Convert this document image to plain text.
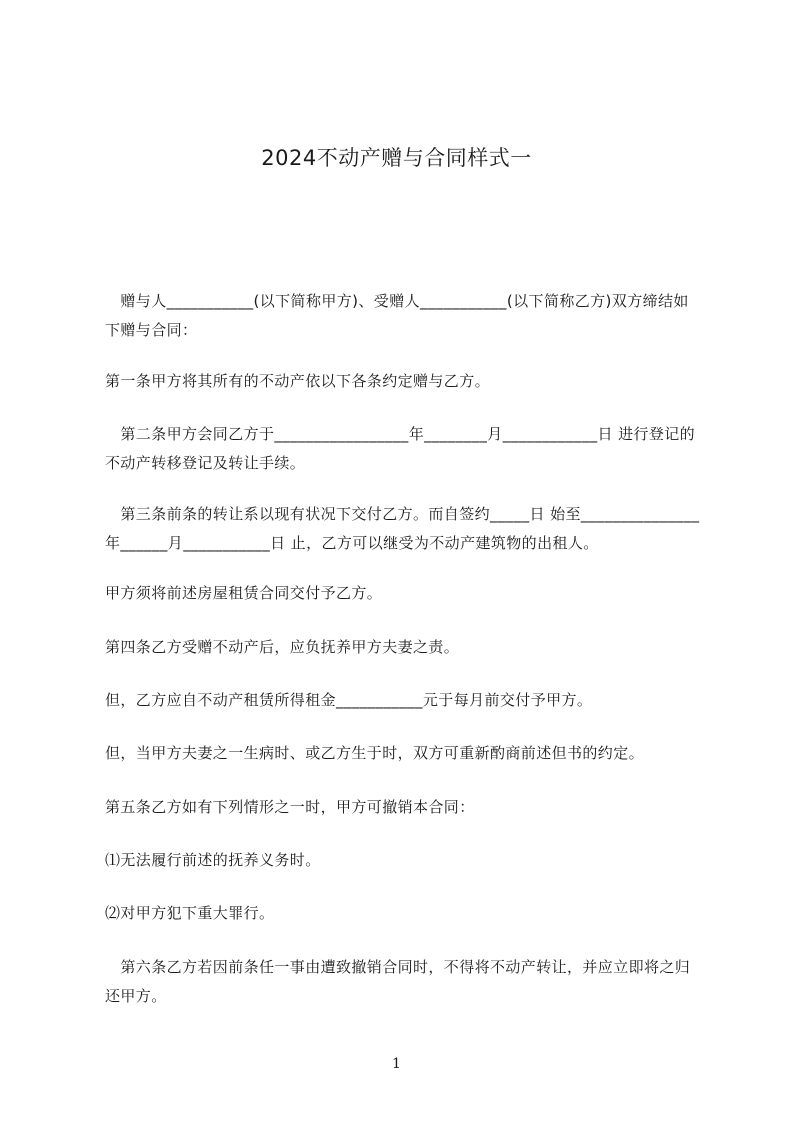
2024不动产赠与合同样式一
　赠与人___________(以下简称甲方)、受赠人___________(以下简称乙方)双方缔结如下赠与合同：
第一条甲方将其所有的不动产依以下各条约定赠与乙方。
　第二条甲方会同乙方于_________________年________月____________日 进行登记的不动产转移登记及转让手续。
　第三条前条的转让系以现有状况下交付乙方。而自签约_____日 始至_______________年______月___________日 止，乙方可以继受为不动产建筑物的出租人。
甲方须将前述房屋租赁合同交付予乙方。
第四条乙方受赠不动产后，应负抚养甲方夫妻之责。
但，乙方应自不动产租赁所得租金___________元于每月前交付予甲方。
但，当甲方夫妻之一生病时、或乙方生于时，双方可重新酌商前述但书的约定。
第五条乙方如有下列情形之一时，甲方可撤销本合同：
⑴无法履行前述的抚养义务时。
⑵对甲方犯下重大罪行。
　第六条乙方若因前条任一事由遭致撤销合同时，不得将不动产转让，并应立即将之归还甲方。
1
